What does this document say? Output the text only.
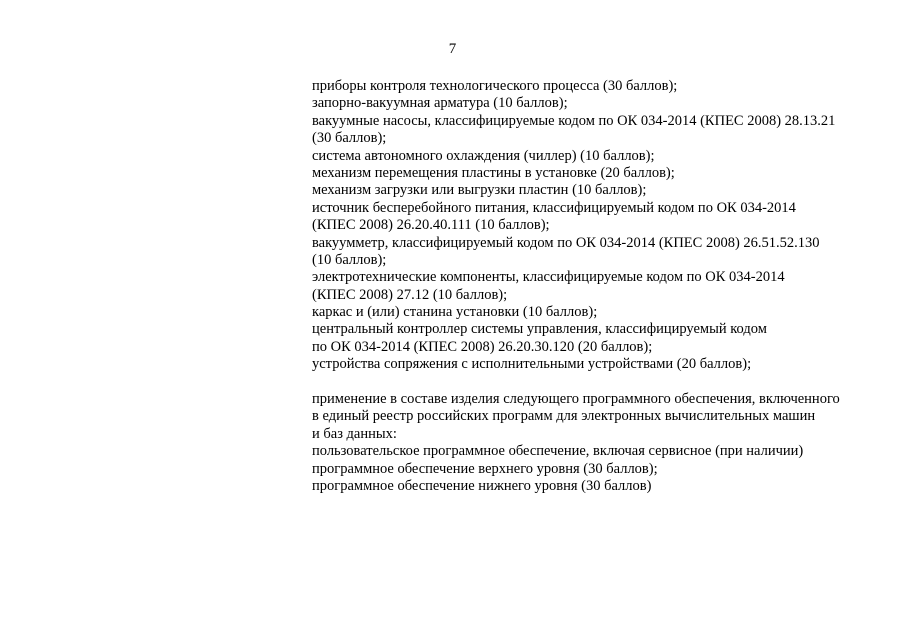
7
приборы контроля технологического процесса (30 баллов);
запорно-вакуумная арматура (10 баллов);
вакуумные насосы, классифицируемые кодом по ОК 034-2014 (КПЕС 2008) 28.13.21
(30 баллов);
система автономного охлаждения (чиллер) (10 баллов);
механизм перемещения пластины в установке (20 баллов);
механизм загрузки или выгрузки пластин (10 баллов);
источник бесперебойного питания, классифицируемый кодом по ОК 034-2014
(КПЕС 2008) 26.20.40.111 (10 баллов);
вакуумметр, классифицируемый кодом по ОК 034-2014 (КПЕС 2008) 26.51.52.130
(10 баллов);
электротехнические компоненты, классифицируемые кодом по ОК 034-2014
(КПЕС 2008) 27.12 (10 баллов);
каркас и (или) станина установки (10 баллов);
центральный контроллер системы управления, классифицируемый кодом
по ОК 034-2014 (КПЕС 2008) 26.20.30.120 (20 баллов);
устройства сопряжения с исполнительными устройствами (20 баллов);
применение в составе изделия следующего программного обеспечения, включенного
в единый реестр российских программ для электронных вычислительных машин
и баз данных:
пользовательское программное обеспечение, включая сервисное (при наличии)
программное обеспечение верхнего уровня (30 баллов);
программное обеспечение нижнего уровня (30 баллов)
